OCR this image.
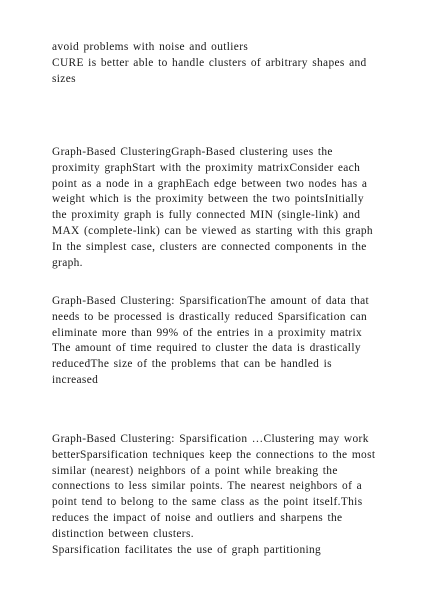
avoid problems with noise and outliers
CURE is better able to handle clusters of arbitrary shapes and
sizes
Graph-Based ClusteringGraph-Based clustering uses the
proximity graphStart with the proximity matrixConsider each
point as a node in a graphEach edge between two nodes has a
weight which is the proximity between the two pointsInitially
the proximity graph is fully connected MIN (single-link) and
MAX (complete-link) can be viewed as starting with this graph
In the simplest case, clusters are connected components in the
graph.
Graph-Based Clustering: SparsificationThe amount of data that
needs to be processed is drastically reduced Sparsification can
eliminate more than 99% of the entries in a proximity matrix
The amount of time required to cluster the data is drastically
reducedThe size of the problems that can be handled is
increased
Graph-Based Clustering: Sparsification …Clustering may work
betterSparsification techniques keep the connections to the most
similar (nearest) neighbors of a point while breaking the
connections to less similar points. The nearest neighbors of a
point tend to belong to the same class as the point itself.This
reduces the impact of noise and outliers and sharpens the
distinction between clusters.
Sparsification facilitates the use of graph partitioning
